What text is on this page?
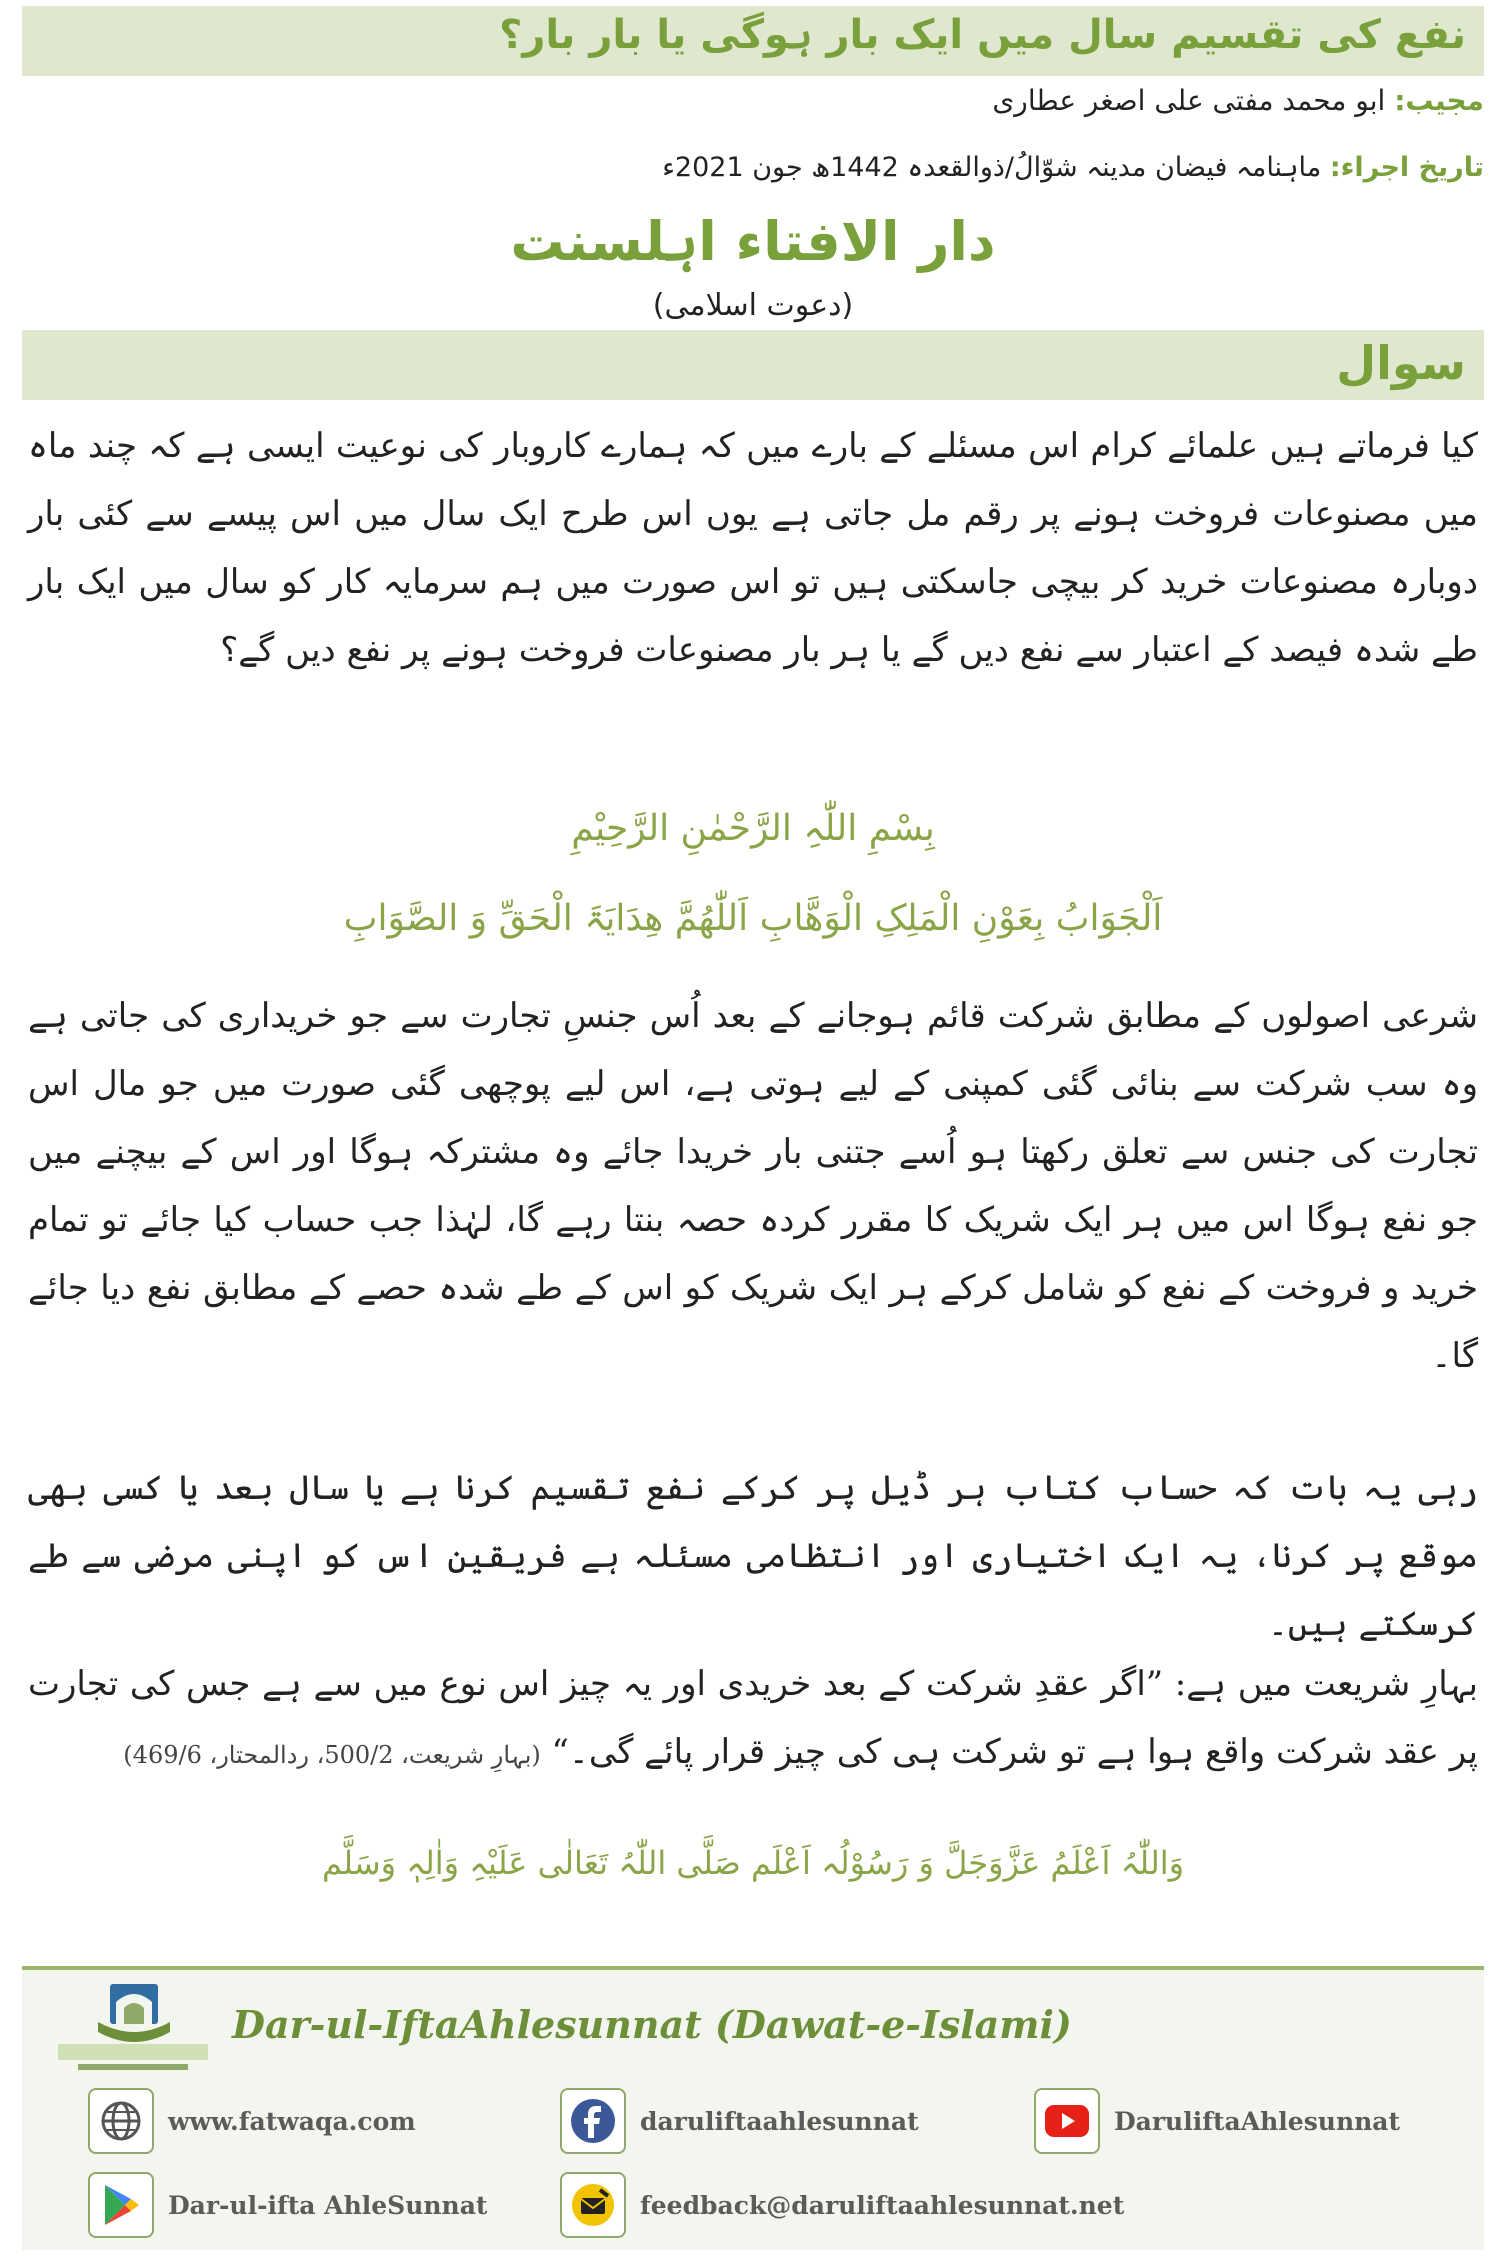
نفع کی تقسیم سال میں ایک بار ہوگی یا بار بار؟
مجیب: ابو محمد مفتی علی اصغر عطاری
تاریخ اجراء: ماہنامہ فیضان مدینہ شوّالُ/ذوالقعدہ 1442ھ جون 2021ء
دار الافتاء اہلسنت
(دعوت اسلامی)
سوال
کیا فرماتے ہیں علمائے کرام اس مسئلے کے بارے میں کہ ہمارے کاروبار کی نوعیت ایسی ہے کہ چند ماہ میں مصنوعات فروخت ہونے پر رقم مل جاتی ہے یوں اس طرح ایک سال میں اس پیسے سے کئی بار دوبارہ مصنوعات خرید کر بیچی جاسکتی ہیں تو اس صورت میں ہم سرمایہ کار کو سال میں ایک بار طے شدہ فیصد کے اعتبار سے نفع دیں گے یا ہر بار مصنوعات فروخت ہونے پر نفع دیں گے؟
بِسْمِ اللّٰہِ الرَّحْمٰنِ الرَّحِیْمِ
اَلْجَوَابُ بِعَوْنِ الْمَلِکِ الْوَھَّابِ اَللّٰھُمَّ ھِدَایَۃَ الْحَقِّ وَ الصَّوَابِ
شرعی اصولوں کے مطابق شرکت قائم ہوجانے کے بعد اُس جنسِ تجارت سے جو خریداری کی جاتی ہے وہ سب شرکت سے بنائی گئی کمپنی کے لیے ہوتی ہے، اس لیے پوچھی گئی صورت میں جو مال اس تجارت کی جنس سے تعلق رکھتا ہو اُسے جتنی بار خریدا جائے وہ مشترکہ ہوگا اور اس کے بیچنے میں جو نفع ہوگا اس میں ہر ایک شریک کا مقرر کردہ حصہ بنتا رہے گا، لہٰذا جب حساب کیا جائے تو تمام خرید و فروخت کے نفع کو شامل کرکے ہر ایک شریک کو اس کے طے شدہ حصے کے مطابق نفع دیا جائے گا۔
رہی یہ بات کہ حساب کتاب ہر ڈیل پر کرکے نفع تقسیم کرنا ہے یا سال بعد یا کسی بھی موقع پر کرنا، یہ ایک اختیاری اور انتظامی مسئلہ ہے فریقین اس کو اپنی مرضی سے طے کرسکتے ہیں۔
بہارِ شریعت میں ہے: ”اگر عقدِ شرکت کے بعد خریدی اور یہ چیز اس نوع میں سے ہے جس کی تجارت پر عقد شرکت واقع ہوا ہے تو شرکت ہی کی چیز قرار پائے گی۔“ (بہارِ شریعت، 500/2، ردالمحتار، 469/6)
وَاللّٰہُ اَعْلَمُ عَزَّوَجَلَّ وَ رَسُوْلُہ اَعْلَم صَلَّی اللّٰہُ تَعَالٰی عَلَیْہِ وَاٰلِہٖ وَسَلَّم
Dar-ul-IftaAhlesunnat (Dawat-e-Islami)
www.fatwaqa.com	daruliftaahlesunnat	DaruliftaAhlesunnat
Dar-ul-ifta AhleSunnat	feedback@daruliftaahlesunnat.net
